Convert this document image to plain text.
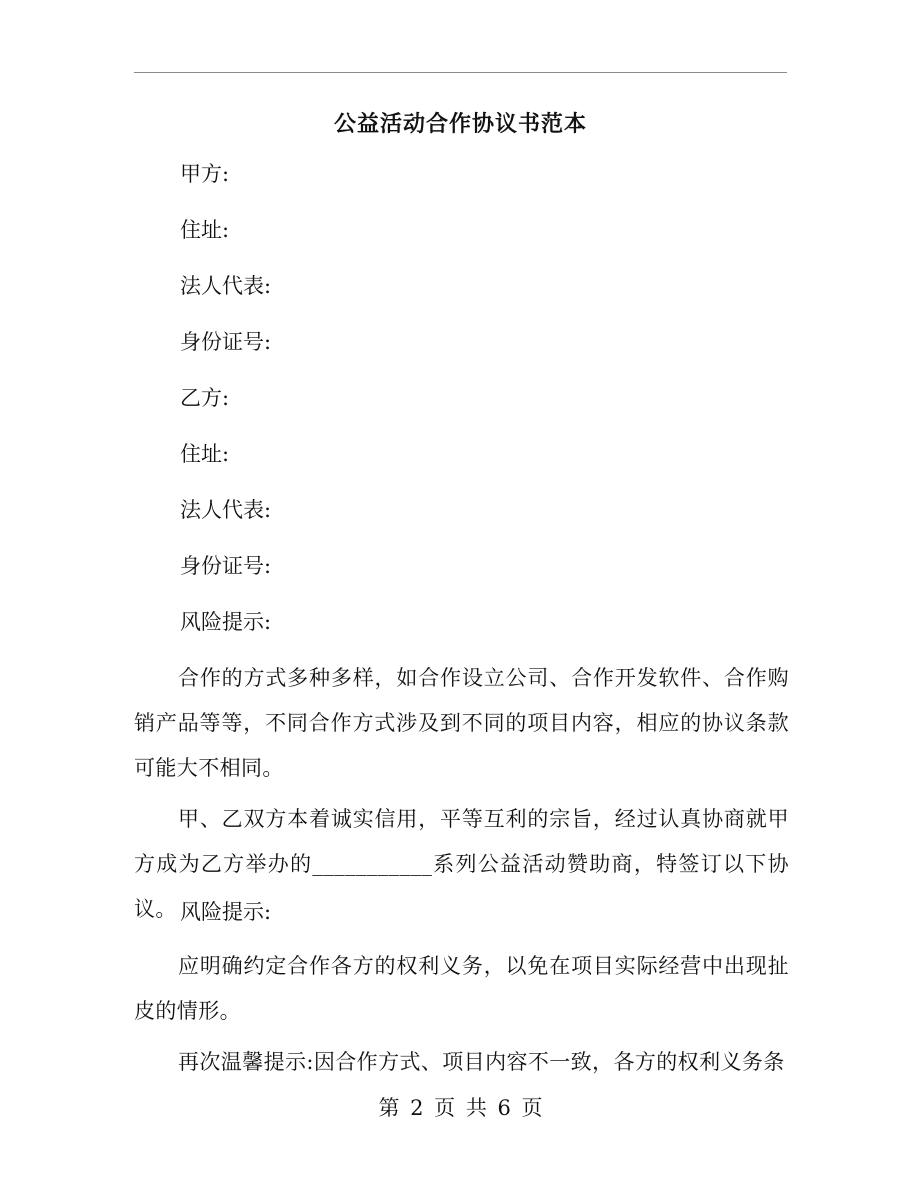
公益活动合作协议书范本
甲方:
住址:
法人代表:
身份证号:
乙方:
住址:
法人代表:
身份证号:
风险提示:
合作的方式多种多样，如合作设立公司、合作开发软件、合作购销产品等等，不同合作方式涉及到不同的项目内容，相应的协议条款可能大不相同。
甲、乙双方本着诚实信用，平等互利的宗旨，经过认真协商就甲方成为乙方举办的___________系列公益活动赞助商，特签订以下协议。 风险提示:
应明确约定合作各方的权利义务，以免在项目实际经营中出现扯皮的情形。
再次温馨提示:因合作方式、项目内容不一致，各方的权利义务条
第 2 页 共 6 页
